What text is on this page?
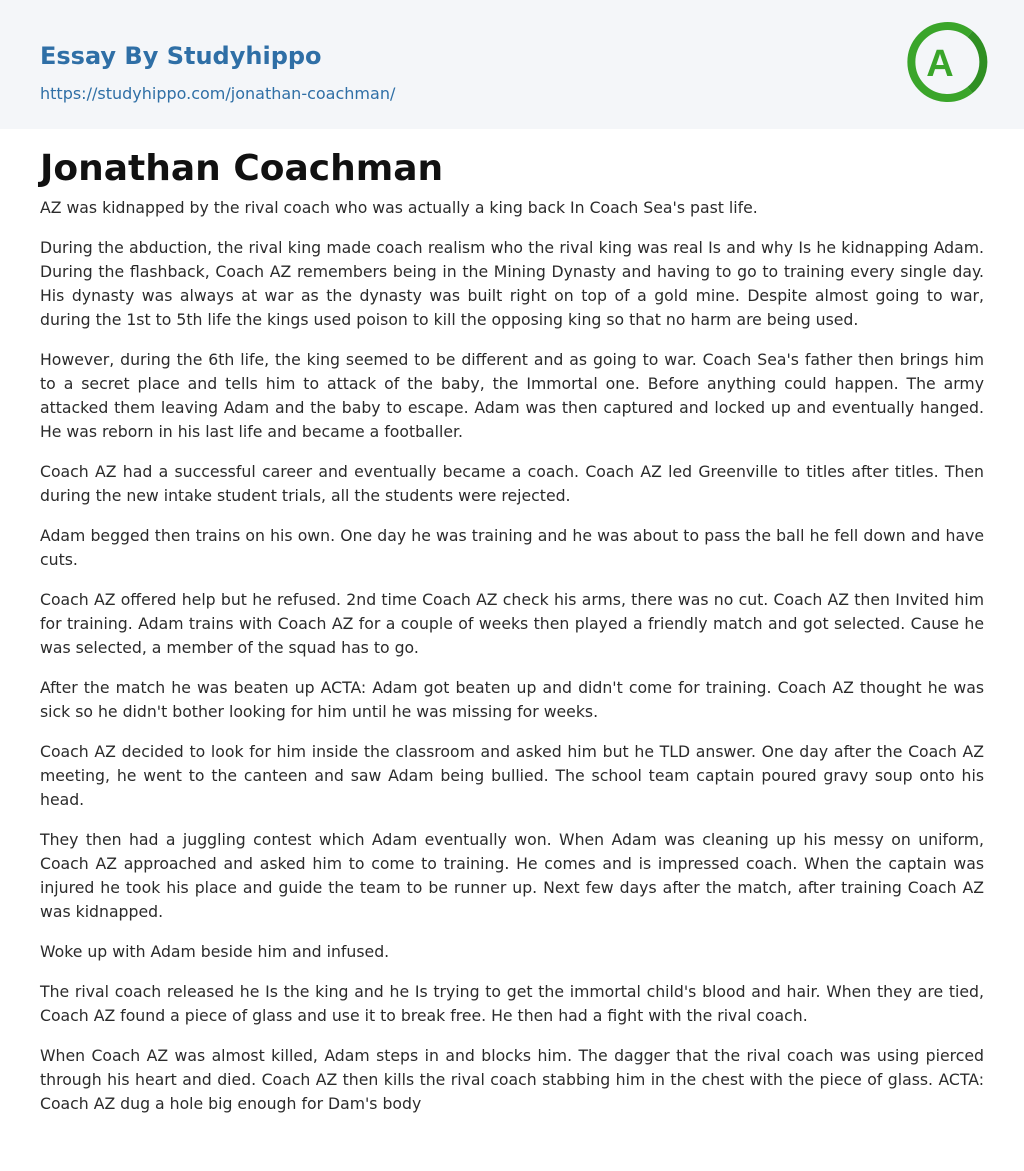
Essay By Studyhippo
https://studyhippo.com/jonathan-coachman/
A
Jonathan Coachman

AZ was kidnapped by the rival coach who was actually a king back In Coach Sea's past life.

During the abduction, the rival king made coach realism who the rival king was real Is and why Is he kidnapping Adam. During the flashback, Coach AZ remembers being in the Mining Dynasty and having to go to training every single day. His dynasty was always at war as the dynasty was built right on top of a gold mine. Despite almost going to war, during the 1st to 5th life the kings used poison to kill the opposing king so that no harm are being used.

However, during the 6th life, the king seemed to be different and as going to war. Coach Sea's father then brings him to a secret place and tells him to attack of the baby, the Immortal one. Before anything could happen. The army attacked them leaving Adam and the baby to escape. Adam was then captured and locked up and eventually hanged. He was reborn in his last life and became a footballer.

Coach AZ had a successful career and eventually became a coach. Coach AZ led Greenville to titles after titles. Then during the new intake student trials, all the students were rejected.

Adam begged then trains on his own. One day he was training and he was about to pass the ball he fell down and have cuts.

Coach AZ offered help but he refused. 2nd time Coach AZ check his arms, there was no cut. Coach AZ then Invited him for training. Adam trains with Coach AZ for a couple of weeks then played a friendly match and got selected. Cause he was selected, a member of the squad has to go.

After the match he was beaten up ACTA: Adam got beaten up and didn't come for training. Coach AZ thought he was sick so he didn't bother looking for him until he was missing for weeks.

Coach AZ decided to look for him inside the classroom and asked him but he TLD answer. One day after the Coach AZ meeting, he went to the canteen and saw Adam being bullied. The school team captain poured gravy soup onto his head.

They then had a juggling contest which Adam eventually won. When Adam was cleaning up his messy on uniform, Coach AZ approached and asked him to come to training. He comes and is impressed coach. When the captain was injured he took his place and guide the team to be runner up. Next few days after the match, after training Coach AZ was kidnapped.

Woke up with Adam beside him and infused.

The rival coach released he Is the king and he Is trying to get the immortal child's blood and hair. When they are tied, Coach AZ found a piece of glass and use it to break free. He then had a fight with the rival coach.

When Coach AZ was almost killed, Adam steps in and blocks him. The dagger that the rival coach was using pierced through his heart and died. Coach AZ then kills the rival coach stabbing him in the chest with the piece of glass. ACTA: Coach AZ dug a hole big enough for Dam's body
